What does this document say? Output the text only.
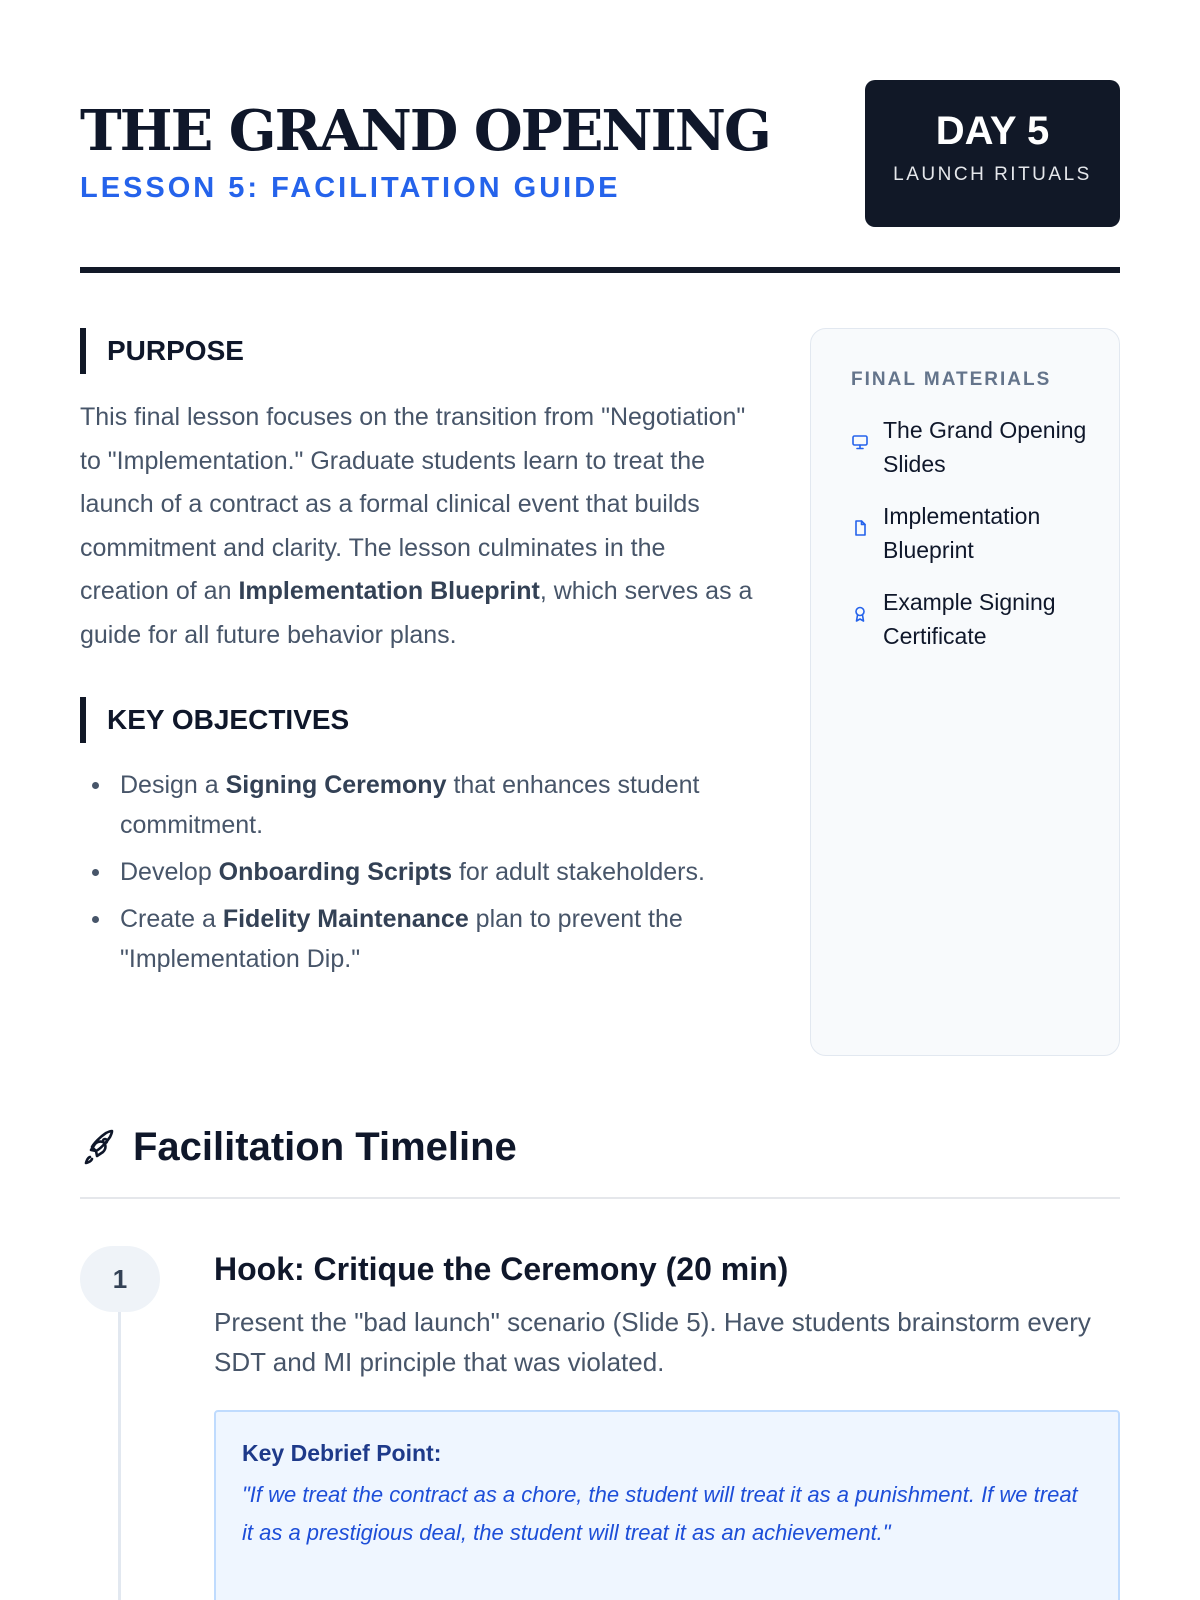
THE GRAND OPENING
LESSON 5: FACILITATION GUIDE
DAY 5
LAUNCH RITUALS
PURPOSE

This final lesson focuses on the transition from "Negotiation" to "Implementation." Graduate students learn to treat the launch of a contract as a formal clinical event that builds commitment and clarity. The lesson culminates in the creation of an Implementation Blueprint, which serves as a guide for all future behavior plans.

KEY OBJECTIVES
Design a Signing Ceremony that enhances student commitment.
Develop Onboarding Scripts for adult stakeholders.
Create a Fidelity Maintenance plan to prevent the "Implementation Dip."
FINAL MATERIALS
The Grand Opening Slides
Implementation Blueprint
Example Signing Certificate
Facilitation Timeline
1	Hook: Critique the Ceremony (20 min)
Present the "bad launch" scenario (Slide 5). Have students brainstorm every SDT and MI principle that was violated.
Key Debrief Point:
"If we treat the contract as a chore, the student will treat it as a punishment. If we treat it as a prestigious deal, the student will treat it as an achievement."
